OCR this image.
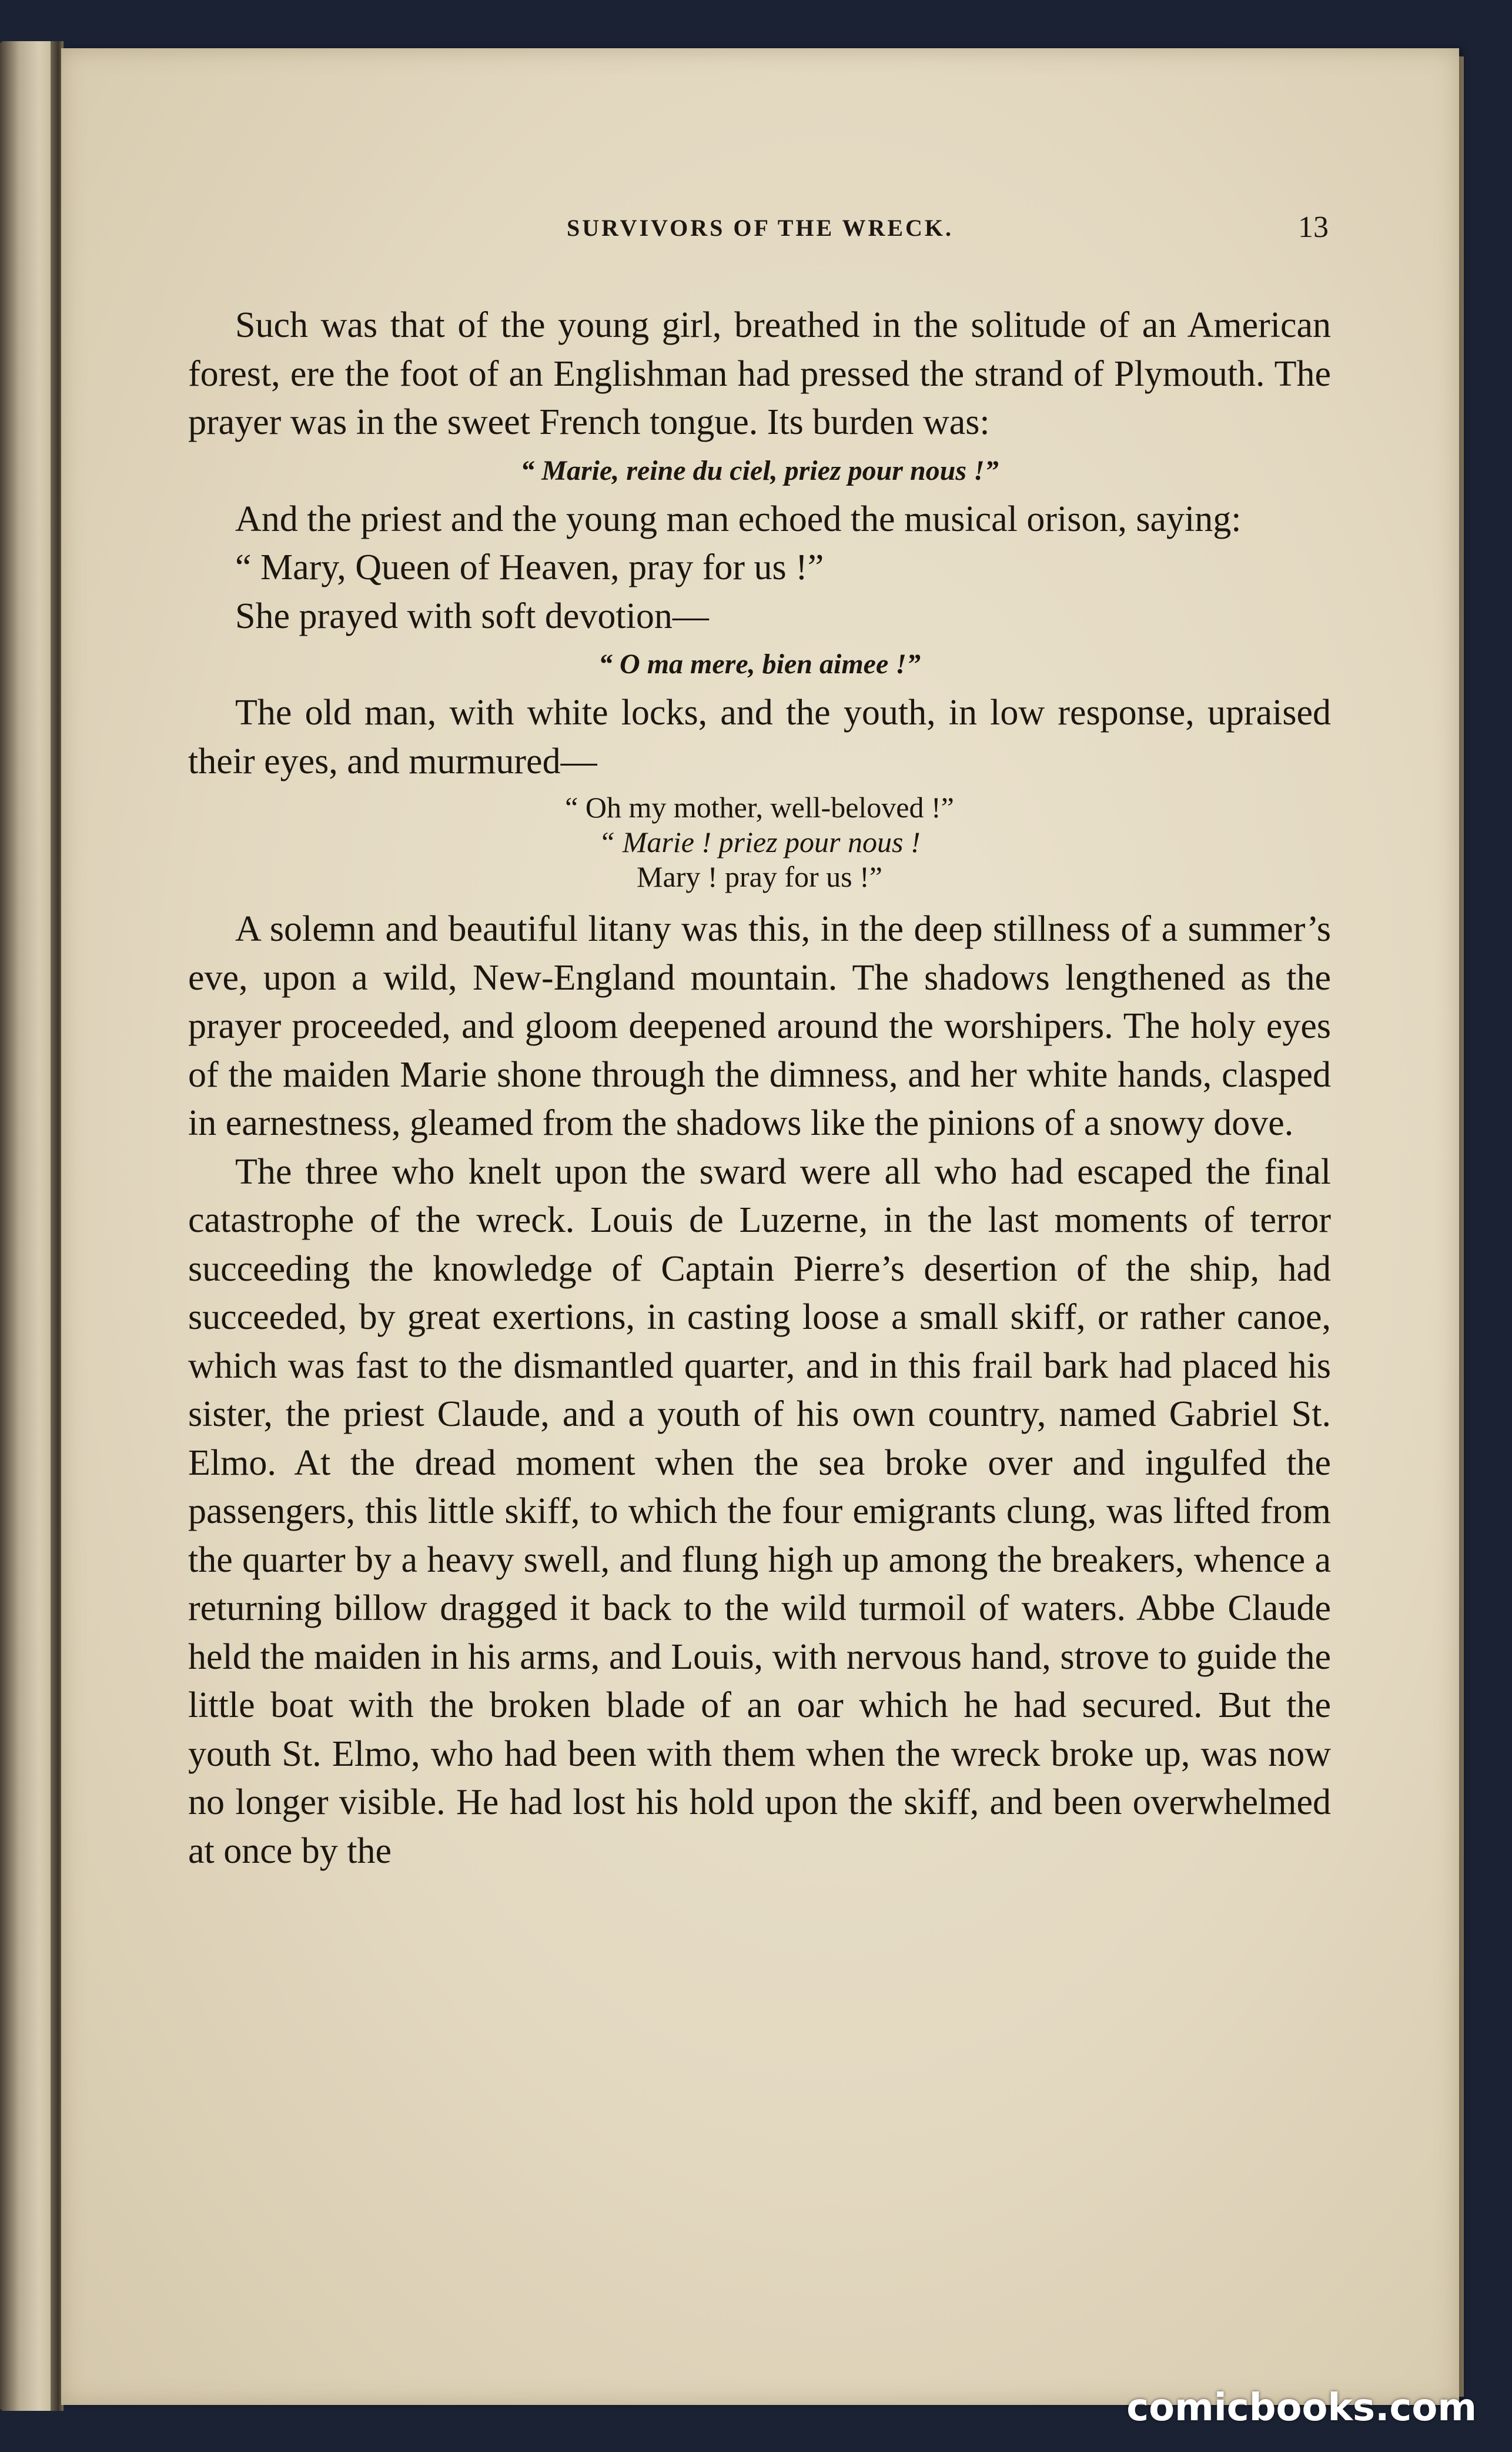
SURVIVORS OF THE WRECK.	13

Such was that of the young girl, breathed in the solitude of an American forest, ere the foot of an Englishman had pressed the strand of Plymouth. The prayer was in the sweet French tongue. Its burden was:

“ Marie, reine du ciel, priez pour nous !”

And the priest and the young man echoed the musical orison, saying:

“ Mary, Queen of Heaven, pray for us !”

She prayed with soft devotion—

“ O ma mere, bien aimee !”

The old man, with white locks, and the youth, in low response, upraised their eyes, and murmured—

“ Oh my mother, well-beloved !”
“ Marie ! priez pour nous !
Mary ! pray for us !”

A solemn and beautiful litany was this, in the deep stillness of a summer’s eve, upon a wild, New-England mountain. The shadows lengthened as the prayer proceeded, and gloom deepened around the worshipers. The holy eyes of the maiden Marie shone through the dimness, and her white hands, clasped in earnestness, gleamed from the shadows like the pinions of a snowy dove.

The three who knelt upon the sward were all who had escaped the final catastrophe of the wreck. Louis de Luzerne, in the last moments of terror succeeding the knowledge of Captain Pierre’s desertion of the ship, had succeeded, by great exertions, in casting loose a small skiff, or rather canoe, which was fast to the dismantled quarter, and in this frail bark had placed his sister, the priest Claude, and a youth of his own country, named Gabriel St. Elmo. At the dread moment when the sea broke over and ingulfed the passengers, this little skiff, to which the four emigrants clung, was lifted from the quarter by a heavy swell, and flung high up among the breakers, whence a returning billow dragged it back to the wild turmoil of waters. Abbe Claude held the maiden in his arms, and Louis, with nervous hand, strove to guide the little boat with the broken blade of an oar which he had secured. But the youth St. Elmo, who had been with them when the wreck broke up, was now no longer visible. He had lost his hold upon the skiff, and been overwhelmed at once by the

comicbooks.com
